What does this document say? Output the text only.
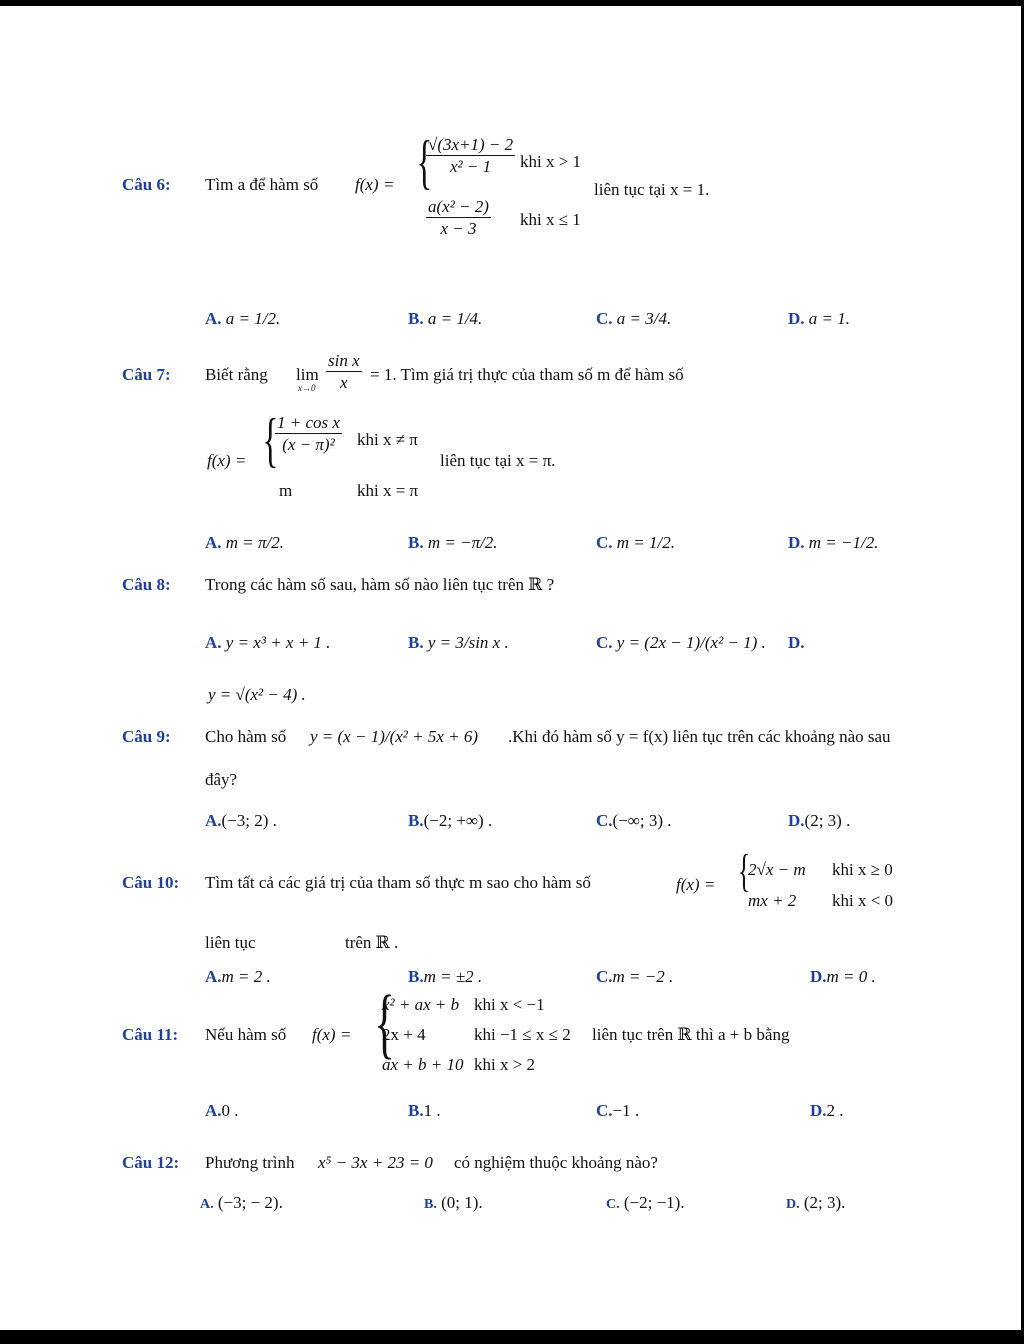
Câu 6: Tìm a để hàm số f(x) = {
$\frac{√(3x+1) - 2}{\text{x² − 1}}$ khi x > 1
$\frac{\text{a(x² − 2)}}{x - 3}$ khi x ≤ 1
liên tục tại x = 1.
A. a = 1/2.	B. a = 1/4.	C. a = 3/4.	D. a = 1.
Câu 7: Biết rằng lim
$x\to 0 \frac{\text{sin x}}{x} = 1$. Tìm giá trị thực của tham số m để hàm số
f(x) = {
$\frac{\text{1 + cos x}}{\text{(x − π)²}}$ khi x ≠ π
m	khi x = π
liên tục tại x = π.
A. m = π/2.	B. m = −π/2.	C. m = 1/2.	D. m = −1/2.
Câu 8: Trong các hàm số sau, hàm số nào liên tục trên ℝ ?
A. y = x³ + x + 1 .	B. y = 3/sin x .	C. y = (2x − 1)/(x² − 1) . D.
y = √(x² − 4) .
Câu 9: Cho hàm số y = (x − 1)/(x² + 5x + 6) .Khi đó hàm số y = f(x) liên tục trên các khoảng nào sau
đây?
A.(−3; 2) .	B.(−2; +∞) .	C.(−∞; 3) .	D.(2; 3) .
Câu 10: Tìm tất cả các giá trị của tham số thực m sao cho hàm số	f(x) = {
2√x − m khi x ≥ 0
mx + 2 khi x < 0
liên tục	trên ℝ .
A.m = 2 .	B.m = ±2 .	C.m = −2 .	D.m = 0 .
Câu 11: Nếu hàm số f(x) = {
x² + ax + b khi x < −1
2x + 4	khi −1 ≤ x ≤ 2
ax + b + 10 khi x > 2
liên tục trên ℝ thì a + b bằng
A.0 .	B.1 .	C.−1 .	D.2 .
Câu 12: Phương trình x⁵ − 3x + 23 = 0 có nghiệm thuộc khoảng nào?
A. (−3; − 2).	B. (0; 1).	C. (−2; −1).	D. (2; 3).
